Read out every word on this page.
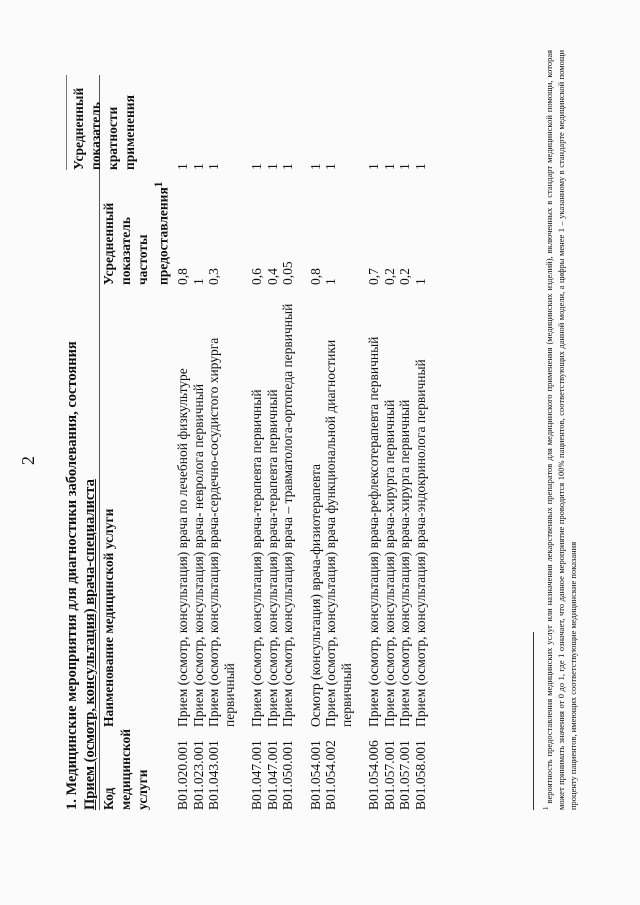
2 1. Медицинские мероприятия для диагностики заболевания, состояния Прием (осмотр, консультация) врача-специалиста Код медицинской услуги
Наименование медицинской услуги
Усредненный показатель частоты предоставления$^1$
Усредненный показатель кратности применения
B01.020.001
Прием (осмотр, консультация) врача по лечебной физкультуре
0,8
1
B01.023.001
Прием (осмотр, консультация) врача- невролога первичный
1
1
B01.043.001
Прием (осмотр, консультация) врача-сердечно-сосудистого хирурга первичный
0,3
1
B01.047.001
Прием (осмотр, консультация) врача-терапевта первичный
0,6
1
B01.047.001
Прием (осмотр, консультация) врача-терапевта первичный
0,4
1
B01.050.001
Прием (осмотр, консультация) врача – травматолога-ортопеда первичный
0,05
1
B01.054.001
Осмотр (консультация) врача-физиотерапевта
0,8
1
B01.054.002
Прием (осмотр, консультация) врача функциональной диагностики первичный
1
1
B01.054.006
Прием (осмотр, консультация) врача-рефлексотерапевта первичный
0,7
1
B01.057.001
Прием (осмотр, консультация) врача-хирурга первичный
0,2
1
B01.057.001
Прием (осмотр, консультация) врача-хирурга первичный
0,2
1
B01.058.001
Прием (осмотр, консультация) врача-эндокринолога первичный
1
1
$^1$ вероятность предоставления медицинских услуг или назначения лекарственных препаратов для медицинского применения (медицинских изделий), включенных в стандарт медицинской помощи, которая может принимать значения от 0 до 1, где 1 означает, что данное мероприятие проводится 100% пациентов, соответствующих данной модели, а цифры менее 1 – указанному в стандарте медицинской помощи проценту пациентов, имеющих соответствующие медицинские показания
